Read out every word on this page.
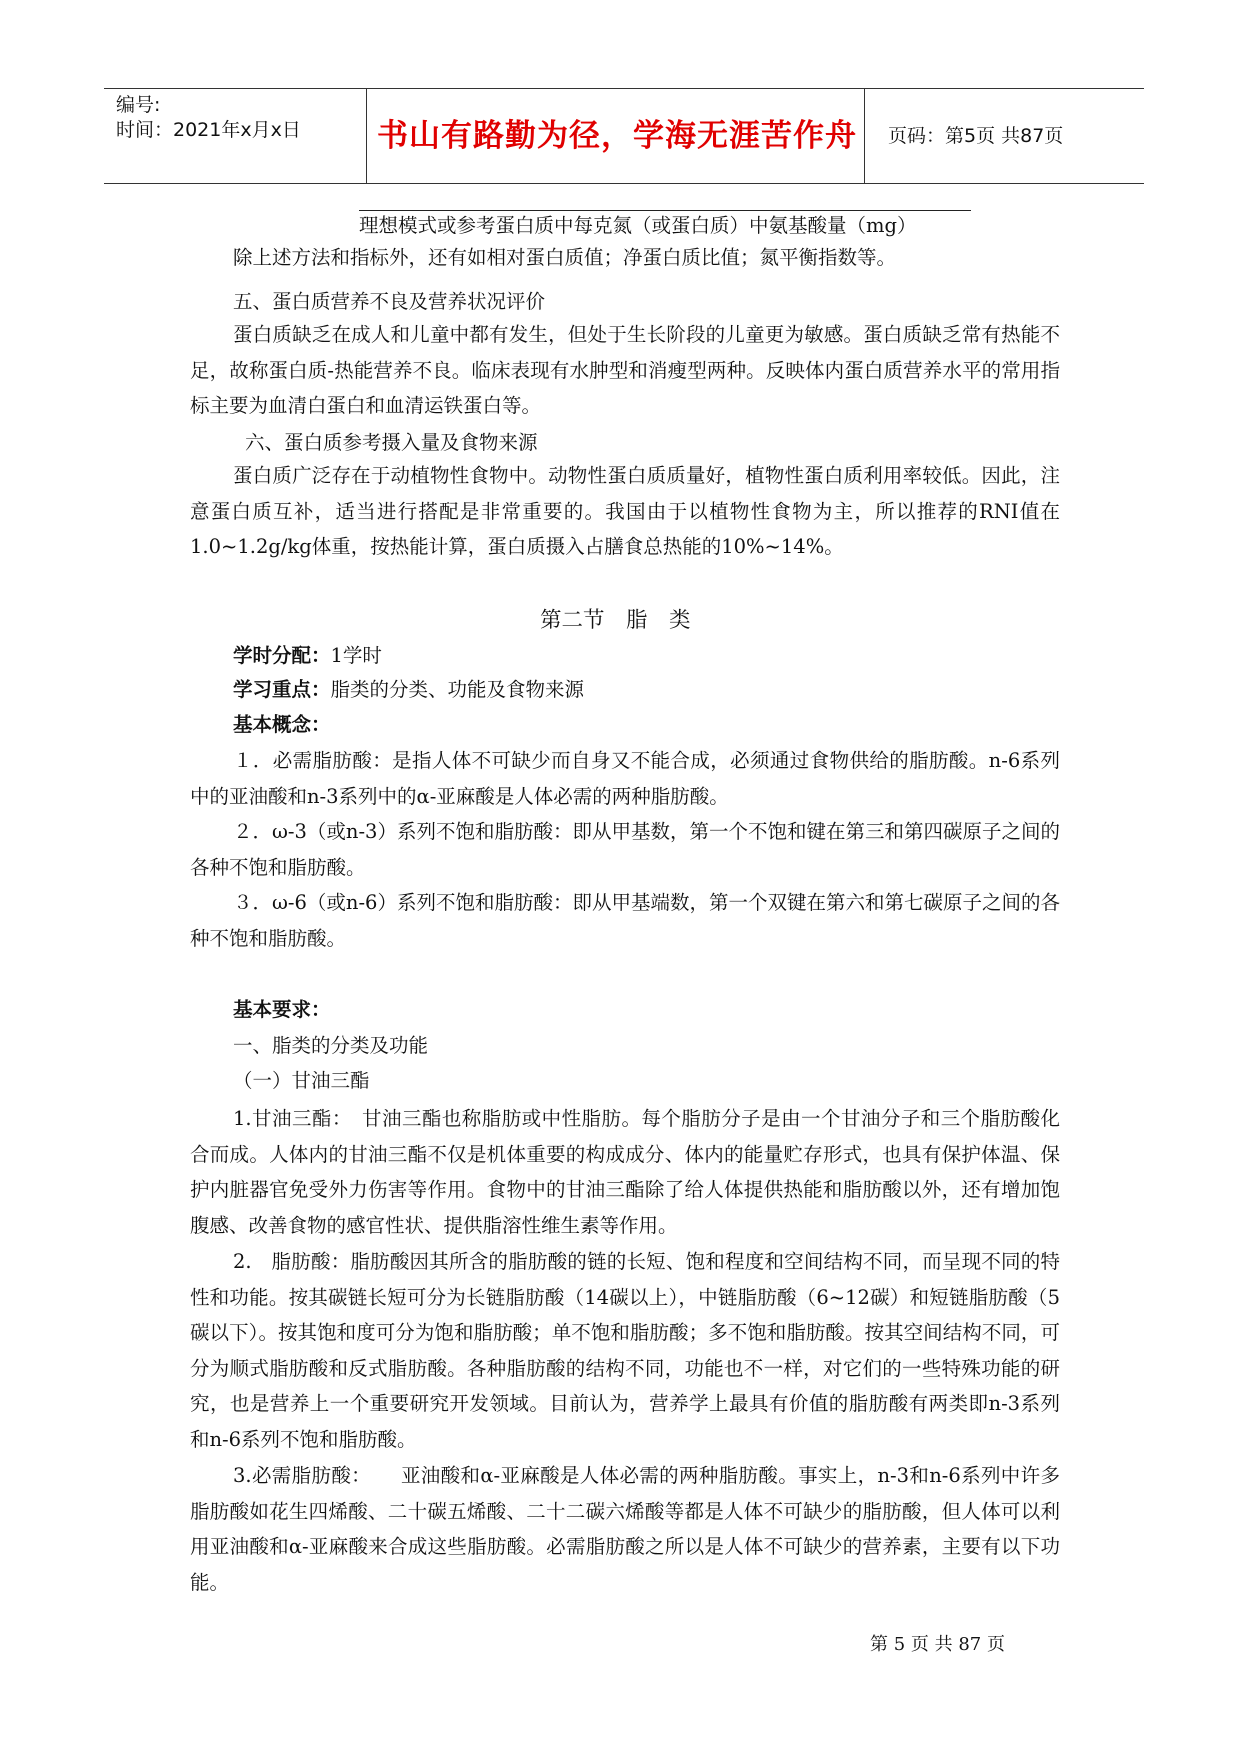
编号:
时间：2021年x月x日 书山有路勤为径，学海无涯苦作舟	页码：第5页 共87页
理想模式或参考蛋白质中每克氮（或蛋白质）中氨基酸量（mg）
除上述方法和指标外，还有如相对蛋白质值；净蛋白质比值；氮平衡指数等。
五、蛋白质营养不良及营养状况评价
蛋白质缺乏在成人和儿童中都有发生，但处于生长阶段的儿童更为敏感。蛋白质缺乏常有热能不足，故称蛋白质-热能营养不良。临床表现有水肿型和消瘦型两种。反映体内蛋白质营养水平的常用指标主要为血清白蛋白和血清运铁蛋白等。
六、蛋白质参考摄入量及食物来源
蛋白质广泛存在于动植物性食物中。动物性蛋白质质量好，植物性蛋白质利用率较低。因此，注意蛋白质互补，适当进行搭配是非常重要的。我国由于以植物性食物为主，所以推荐的RNI值在1.0~1.2g/kg体重，按热能计算，蛋白质摄入占膳食总热能的10%~14%。
第二节　脂　类
学时分配：1学时
学习重点：脂类的分类、功能及食物来源
基本概念：
１．必需脂肪酸：是指人体不可缺少而自身又不能合成，必须通过食物供给的脂肪酸。n-6系列中的亚油酸和n-3系列中的α-亚麻酸是人体必需的两种脂肪酸。
２．ω-3（或n-3）系列不饱和脂肪酸：即从甲基数，第一个不饱和键在第三和第四碳原子之间的各种不饱和脂肪酸。
３．ω-6（或n-6）系列不饱和脂肪酸：即从甲基端数，第一个双键在第六和第七碳原子之间的各种不饱和脂肪酸。
基本要求：
一、脂类的分类及功能
（一）甘油三酯
1.甘油三酯：　甘油三酯也称脂肪或中性脂肪。每个脂肪分子是由一个甘油分子和三个脂肪酸化合而成。人体内的甘油三酯不仅是机体重要的构成成分、体内的能量贮存形式，也具有保护体温、保护内脏器官免受外力伤害等作用。食物中的甘油三酯除了给人体提供热能和脂肪酸以外，还有增加饱腹感、改善食物的感官性状、提供脂溶性维生素等作用。
2.　脂肪酸：脂肪酸因其所含的脂肪酸的链的长短、饱和程度和空间结构不同，而呈现不同的特性和功能。按其碳链长短可分为长链脂肪酸（14碳以上），中链脂肪酸（6~12碳）和短链脂肪酸（5碳以下）。按其饱和度可分为饱和脂肪酸；单不饱和脂肪酸；多不饱和脂肪酸。按其空间结构不同，可分为顺式脂肪酸和反式脂肪酸。各种脂肪酸的结构不同，功能也不一样，对它们的一些特殊功能的研究，也是营养上一个重要研究开发领域。目前认为，营养学上最具有价值的脂肪酸有两类即n-3系列和n-6系列不饱和脂肪酸。
3.必需脂肪酸：　　亚油酸和α-亚麻酸是人体必需的两种脂肪酸。事实上，n-3和n-6系列中许多脂肪酸如花生四烯酸、二十碳五烯酸、二十二碳六烯酸等都是人体不可缺少的脂肪酸，但人体可以利用亚油酸和α-亚麻酸来合成这些脂肪酸。必需脂肪酸之所以是人体不可缺少的营养素，主要有以下功能。
第 5 页 共 87 页
